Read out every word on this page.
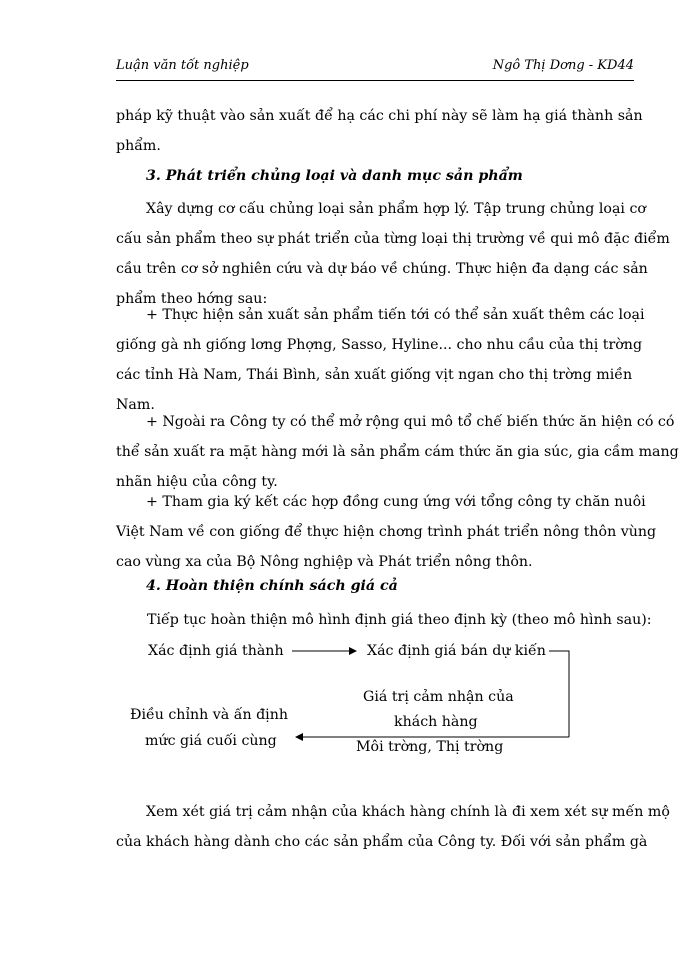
Luận văn tốt nghiệp	Ngô Thị Dơng - KD44
pháp kỹ thuật vào sản xuất để hạ các chi phí này sẽ làm hạ giá thành sản
phẩm.
3. Phát triển chủng loại và danh mục sản phẩm
Xây dựng cơ cấu chủng loại sản phẩm hợp lý. Tập trung chủng loại cơ
cấu sản phẩm theo sự phát triển của từng loại thị trường về qui mô đặc điểm
cầu trên cơ sở nghiên cứu và dự báo về chúng. Thực hiện đa dạng các sản
phẩm theo hớng sau:
+ Thực hiện sản xuất sản phẩm tiến tới có thể sản xuất thêm các loại
giống gà nh giống lơng Phợng, Sasso, Hyline... cho nhu cầu của thị trờng
các tỉnh Hà Nam, Thái Bình, sản xuất giống vịt ngan cho thị trờng miền
Nam.
+ Ngoài ra Công ty có thể mở rộng qui mô tổ chế biến thức ăn hiện có có
thể sản xuất ra mặt hàng mới là sản phẩm cám thức ăn gia súc, gia cầm mang
nhãn hiệu của công ty.
+ Tham gia ký kết các hợp đồng cung ứng với tổng công ty chăn nuôi
Việt Nam về con giống để thực hiện chơng trình phát triển nông thôn vùng
cao vùng xa của Bộ Nông nghiệp và Phát triển nông thôn.
4. Hoàn thiện chính sách giá cả
Tiếp tục hoàn thiện mô hình định giá theo định kỳ (theo mô hình sau):
Xác định giá thành	Xác định giá bán dự kiến
Giá trị cảm nhận của
khách hàng
Điều chỉnh và ấn định
mức giá cuối cùng	Môi trờng, Thị trờng
Xem xét giá trị cảm nhận của khách hàng chính là đi xem xét sự mến mộ
của khách hàng dành cho các sản phẩm của Công ty. Đối với sản phẩm gà
